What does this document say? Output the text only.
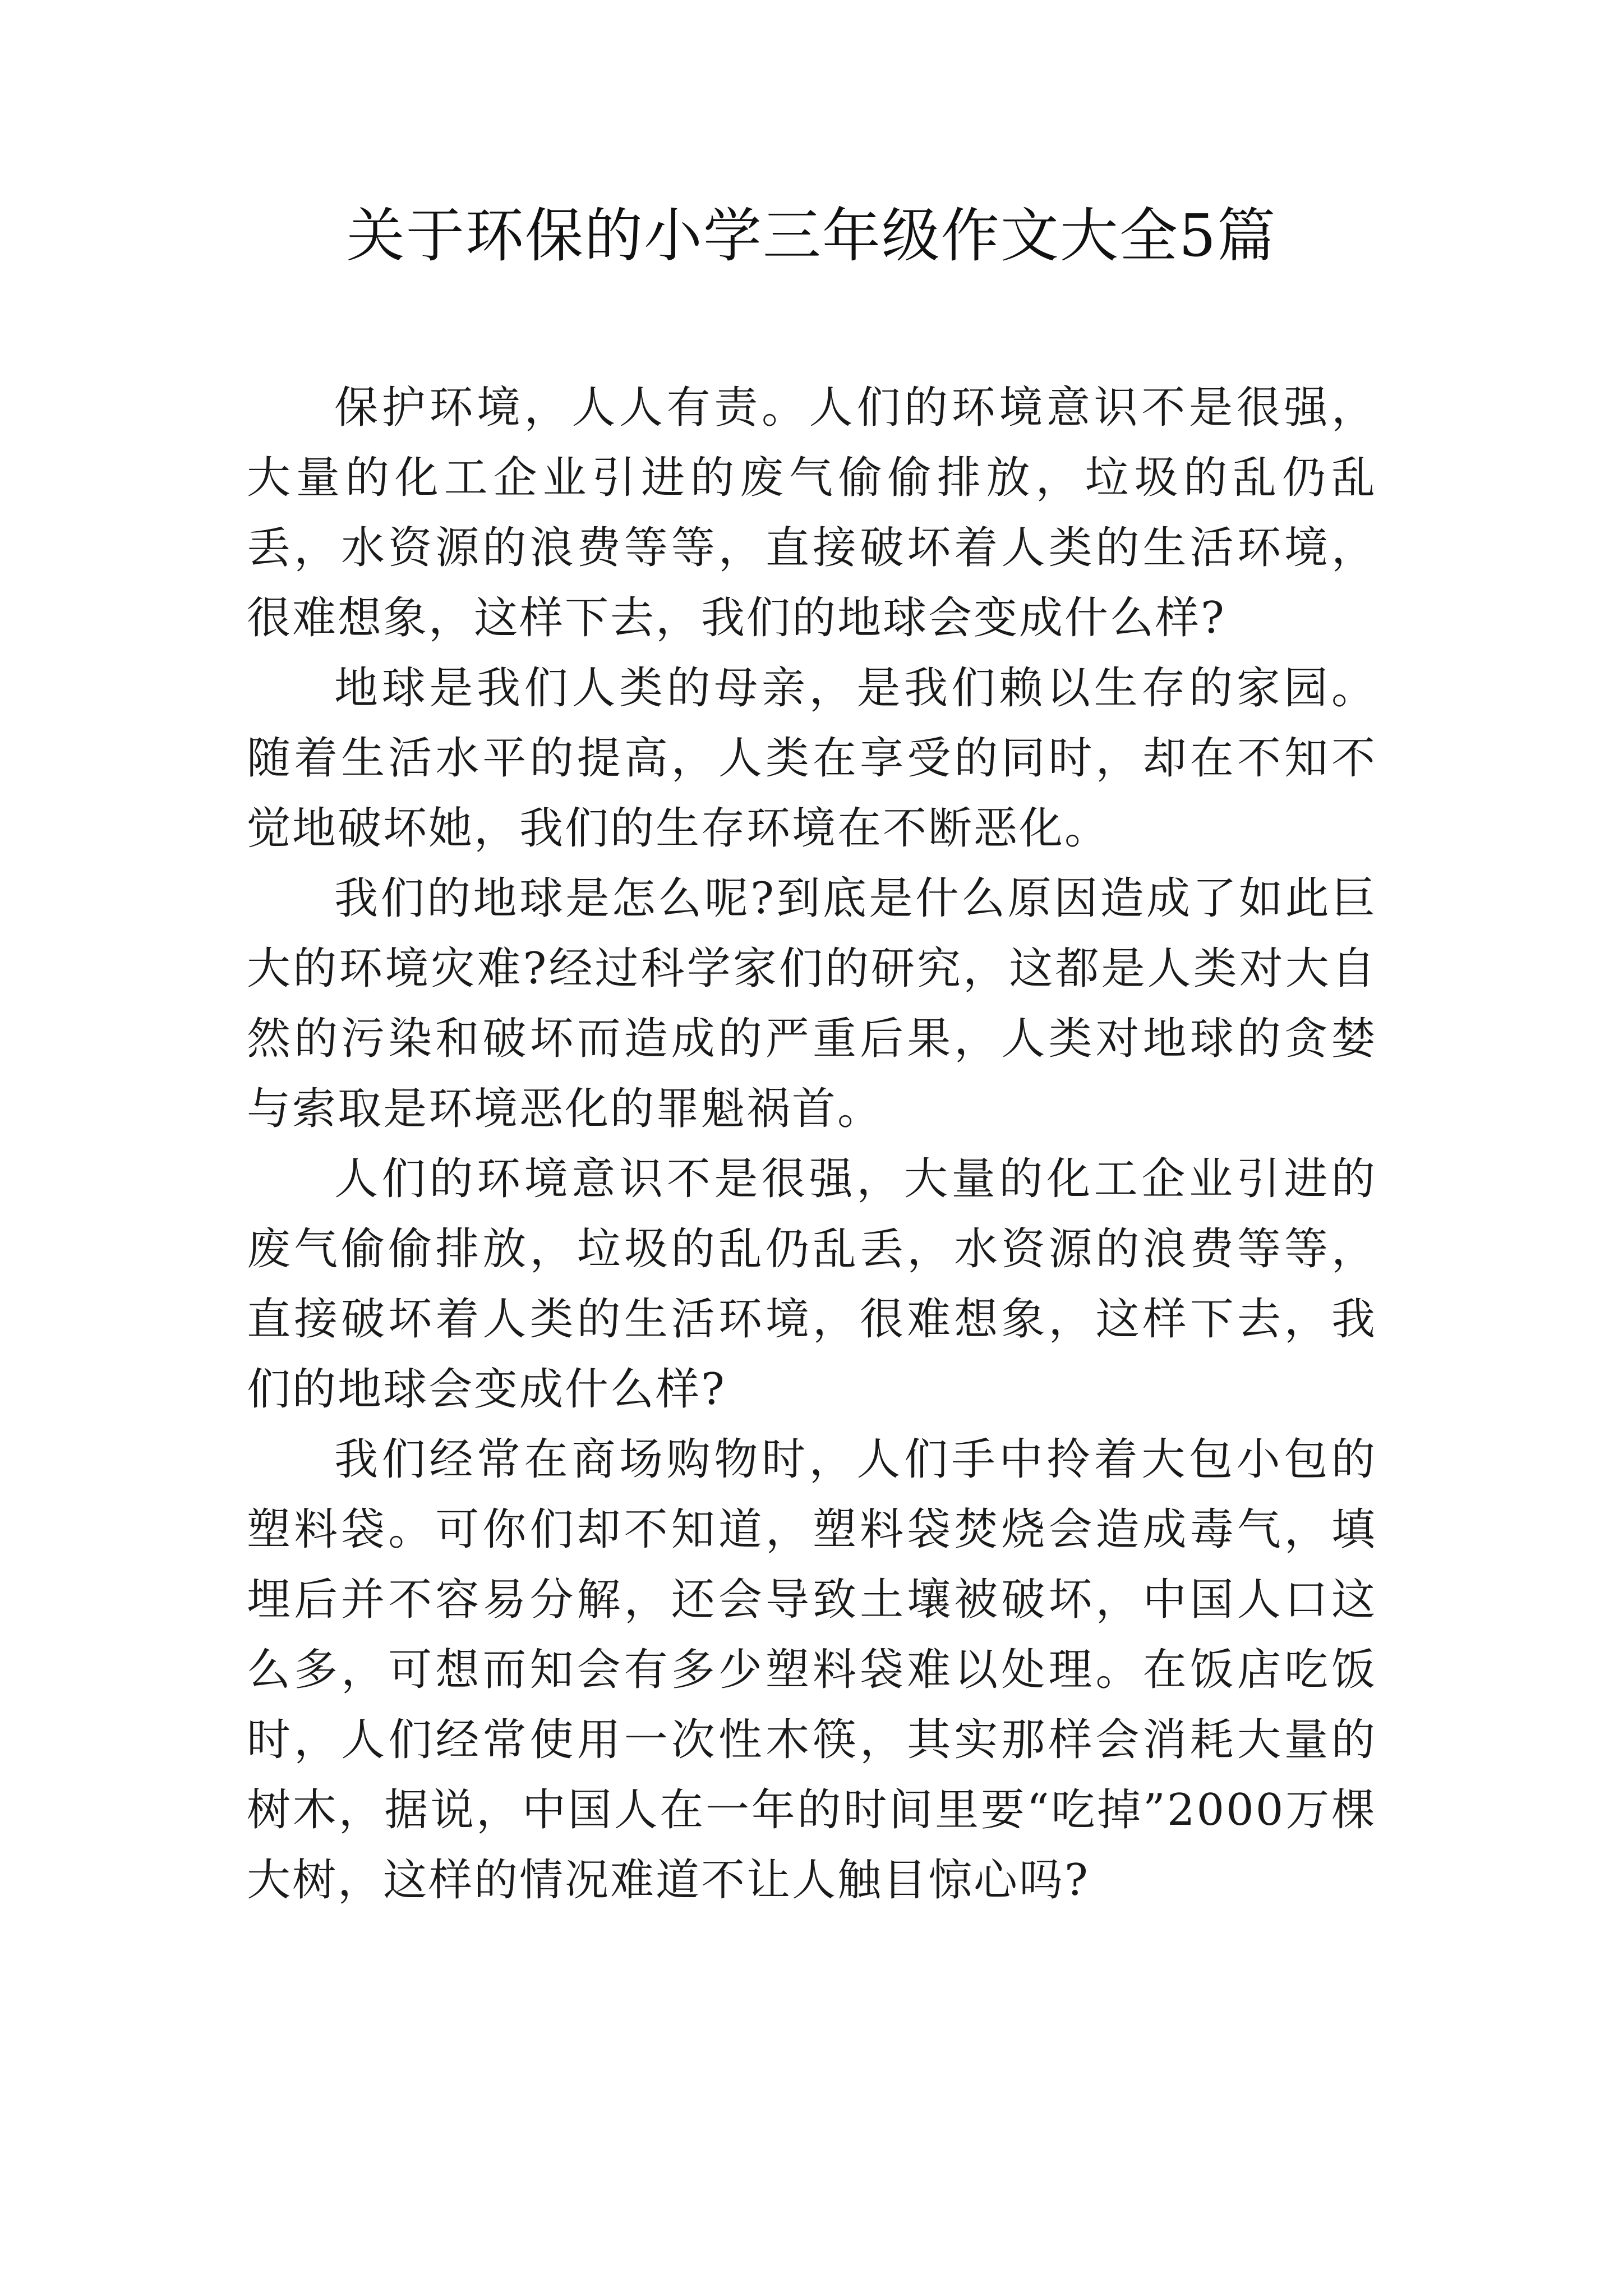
关于环保的小学三年级作文大全5篇

保护环境，人人有责。人们的环境意识不是很强，大量的化工企业引进的废气偷偷排放，垃圾的乱仍乱丢，水资源的浪费等等，直接破坏着人类的生活环境，很难想象，这样下去，我们的地球会变成什么样?

地球是我们人类的母亲，是我们赖以生存的家园。随着生活水平的提高，人类在享受的同时，却在不知不觉地破坏她，我们的生存环境在不断恶化。

我们的地球是怎么呢?到底是什么原因造成了如此巨大的环境灾难?经过科学家们的研究，这都是人类对大自然的污染和破坏而造成的严重后果，人类对地球的贪婪与索取是环境恶化的罪魁祸首。

人们的环境意识不是很强，大量的化工企业引进的废气偷偷排放，垃圾的乱仍乱丢，水资源的浪费等等，直接破坏着人类的生活环境，很难想象，这样下去，我们的地球会变成什么样?

我们经常在商场购物时，人们手中拎着大包小包的塑料袋。可你们却不知道，塑料袋焚烧会造成毒气，填埋后并不容易分解，还会导致土壤被破坏，中国人口这么多，可想而知会有多少塑料袋难以处理。在饭店吃饭时，人们经常使用一次性木筷，其实那样会消耗大量的树木，据说，中国人在一年的时间里要“吃掉”2000万棵大树，这样的情况难道不让人触目惊心吗?
